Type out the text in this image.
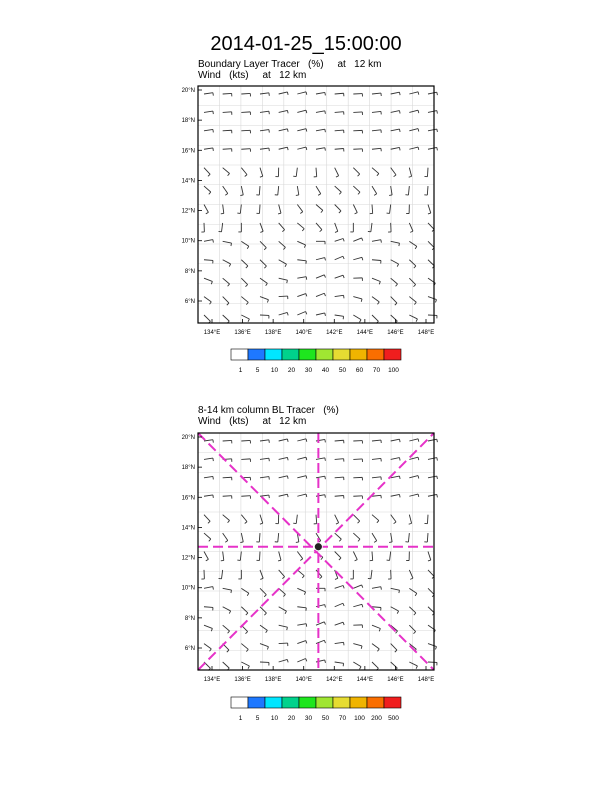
2014-01-25_15:00:00
Boundary Layer Tracer   (%)     at   12 km
Wind   (kts)     at   12 km
20°N
18°N
16°N
14°N
12°N
10°N
8°N
6°N
134°E 136°E 138°E 140°E 142°E 144°E 146°E 148°E
1 5 10 20 30 40 50 60 70 100
8-14 km column BL Tracer   (%)
Wind   (kts)     at   12 km
20°N
18°N
16°N
14°N
12°N
10°N
8°N
6°N
134°E 136°E 138°E 140°E 142°E 144°E 146°E 148°E
1 5 10 20 30 50 70 100 200 500
